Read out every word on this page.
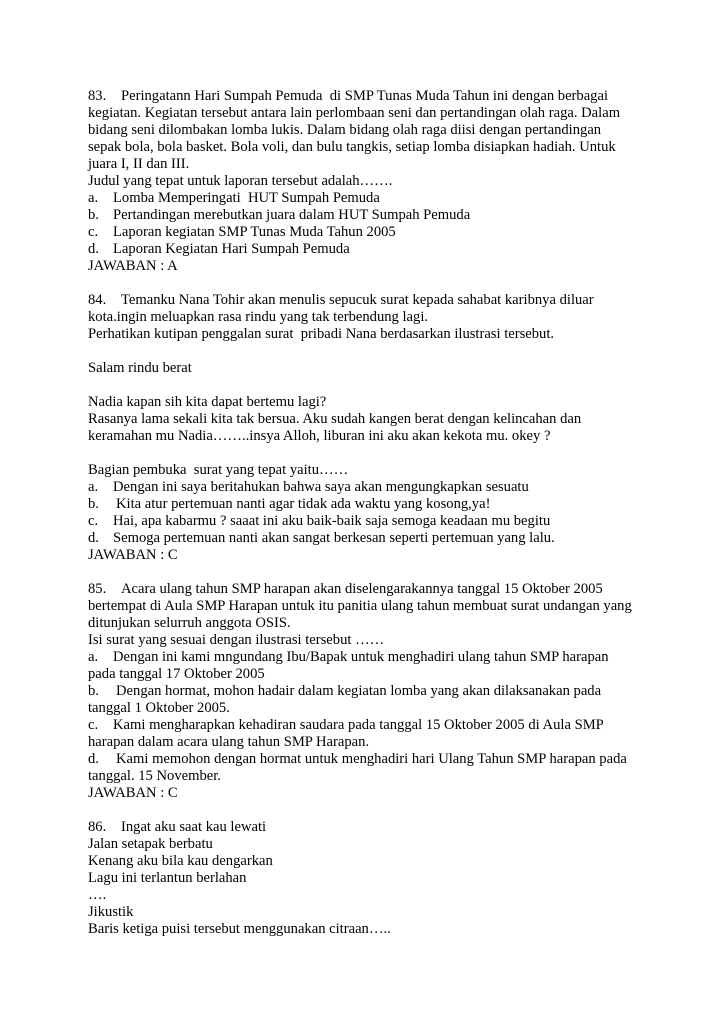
83.	Peringatann Hari Sumpah Pemuda  di SMP Tunas Muda Tahun ini dengan berbagai
kegiatan. Kegiatan tersebut antara lain perlombaan seni dan pertandingan olah raga. Dalam
bidang seni dilombakan lomba lukis. Dalam bidang olah raga diisi dengan pertandingan
sepak bola, bola basket. Bola voli, dan bulu tangkis, setiap lomba disiapkan hadiah. Untuk
juara I, II dan III.
Judul yang tepat untuk laporan tersebut adalah…….
a.	Lomba Memperingati  HUT Sumpah Pemuda
b. Pertandingan merebutkan juara dalam HUT Sumpah Pemuda
c.	Laporan kegiatan SMP Tunas Muda Tahun 2005
d. Laporan Kegiatan Hari Sumpah Pemuda
JAWABAN : A
84.	Temanku Nana Tohir akan menulis sepucuk surat kepada sahabat karibnya diluar
kota.ingin meluapkan rasa rindu yang tak terbendung lagi.
Perhatikan kutipan penggalan surat  pribadi Nana berdasarkan ilustrasi tersebut.
Salam rindu berat
Nadia kapan sih kita dapat bertemu lagi?
Rasanya lama sekali kita tak bersua. Aku sudah kangen berat dengan kelincahan dan
keramahan mu Nadia……..insya Alloh, liburan ini aku akan kekota mu. okey ?
Bagian pembuka  surat yang tepat yaitu……
a.	Dengan ini saya beritahukan bahwa saya akan mengungkapkan sesuatu
b.	Kita atur pertemuan nanti agar tidak ada waktu yang kosong,ya!
c.	Hai, apa kabarmu ? saaat ini aku baik-baik saja semoga keadaan mu begitu
d. Semoga pertemuan nanti akan sangat berkesan seperti pertemuan yang lalu.
JAWABAN : C
85.	Acara ulang tahun SMP harapan akan diselengarakannya tanggal 15 Oktober 2005
bertempat di Aula SMP Harapan untuk itu panitia ulang tahun membuat surat undangan yang
ditunjukan selurruh anggota OSIS.
Isi surat yang sesuai dengan ilustrasi tersebut ……
a.	Dengan ini kami mngundang Ibu/Bapak untuk menghadiri ulang tahun SMP harapan
pada tanggal 17 Oktober 2005
b.	Dengan hormat, mohon hadair dalam kegiatan lomba yang akan dilaksanakan pada
tanggal 1 Oktober 2005.
c.	Kami mengharapkan kehadiran saudara pada tanggal 15 Oktober 2005 di Aula SMP
harapan dalam acara ulang tahun SMP Harapan.
d.	Kami memohon dengan hormat untuk menghadiri hari Ulang Tahun SMP harapan pada
tanggal. 15 November.
JAWABAN : C
86.	Ingat aku saat kau lewati
Jalan setapak berbatu
Kenang aku bila kau dengarkan
Lagu ini terlantun berlahan
….
Jikustik
Baris ketiga puisi tersebut menggunakan citraan…..
